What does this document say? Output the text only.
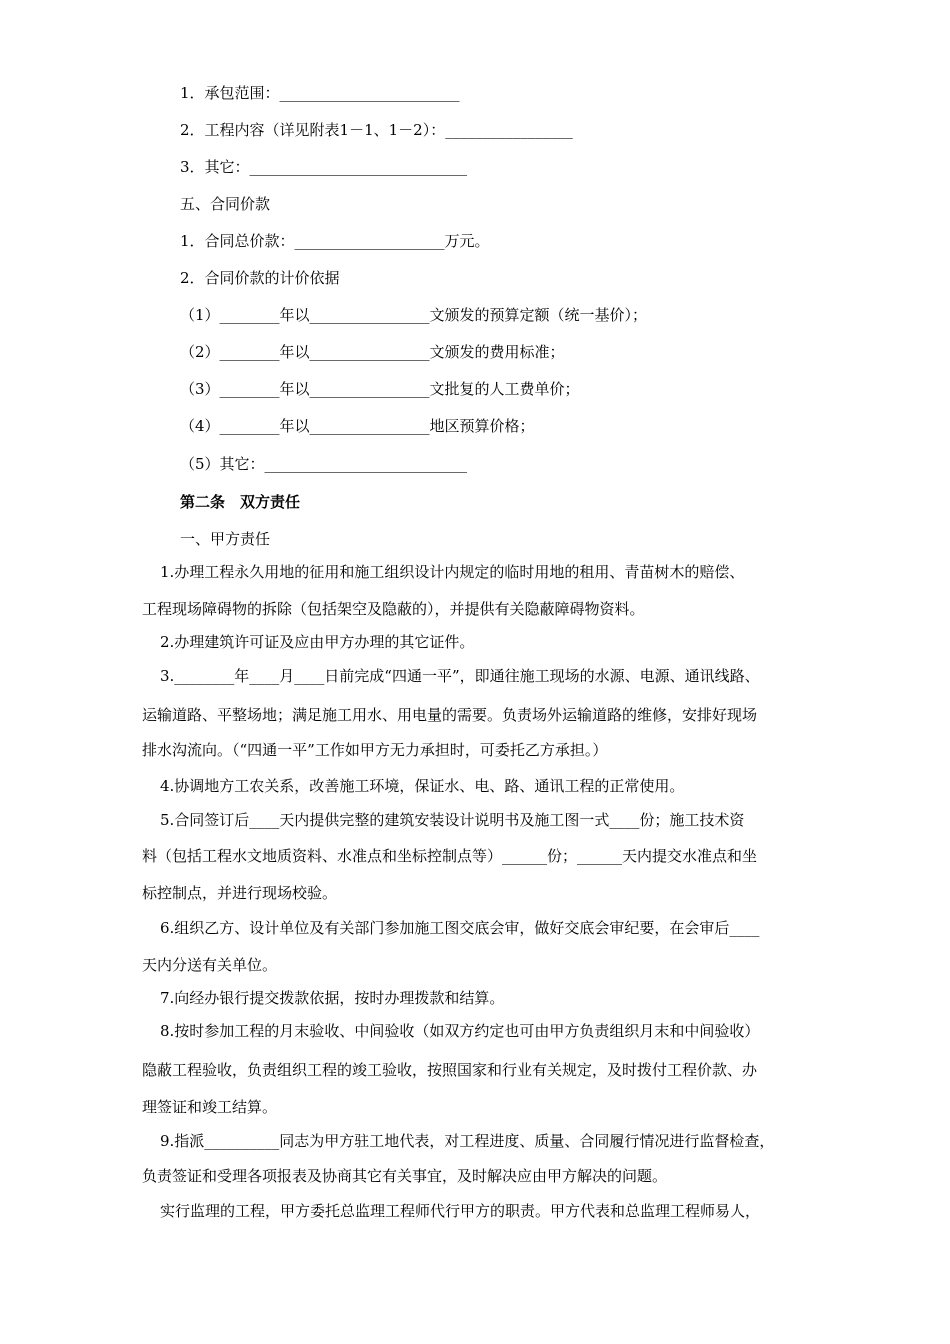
1．承包范围：________________________
2．工程内容（详见附表1－1、1－2）：_________________
3．其它：_____________________________
五、合同价款
1．合同总价款：____________________万元。
2．合同价款的计价依据
（1）________年以________________文颁发的预算定额（统一基价）；
（2）________年以________________文颁发的费用标准；
（3）________年以________________文批复的人工费单价；
（4）________年以________________地区预算价格；
（5）其它：___________________________
第二条　双方责任
一、甲方责任
1.办理工程永久用地的征用和施工组织设计内规定的临时用地的租用、青苗树木的赔偿、
工程现场障碍物的拆除（包括架空及隐蔽的），并提供有关隐蔽障碍物资料。
2.办理建筑许可证及应由甲方办理的其它证件。
3.________年____月____日前完成“四通一平”，即通往施工现场的水源、电源、通讯线路、
运输道路、平整场地；满足施工用水、用电量的需要。负责场外运输道路的维修，安排好现场
排水沟流向。（“四通一平”工作如甲方无力承担时，可委托乙方承担。）
4.协调地方工农关系，改善施工环境，保证水、电、路、通讯工程的正常使用。
5.合同签订后____天内提供完整的建筑安装设计说明书及施工图一式____份；施工技术资
料（包括工程水文地质资料、水准点和坐标控制点等）______份；______天内提交水准点和坐
标控制点，并进行现场校验。
6.组织乙方、设计单位及有关部门参加施工图交底会审，做好交底会审纪要，在会审后____
天内分送有关单位。
7.向经办银行提交拨款依据，按时办理拨款和结算。
8.按时参加工程的月末验收、中间验收（如双方约定也可由甲方负责组织月末和中间验收）
隐蔽工程验收，负责组织工程的竣工验收，按照国家和行业有关规定，及时拨付工程价款、办
理签证和竣工结算。
9.指派__________同志为甲方驻工地代表，对工程进度、质量、合同履行情况进行监督检查，
负责签证和受理各项报表及协商其它有关事宜，及时解决应由甲方解决的问题。
实行监理的工程，甲方委托总监理工程师代行甲方的职责。甲方代表和总监理工程师易人，
